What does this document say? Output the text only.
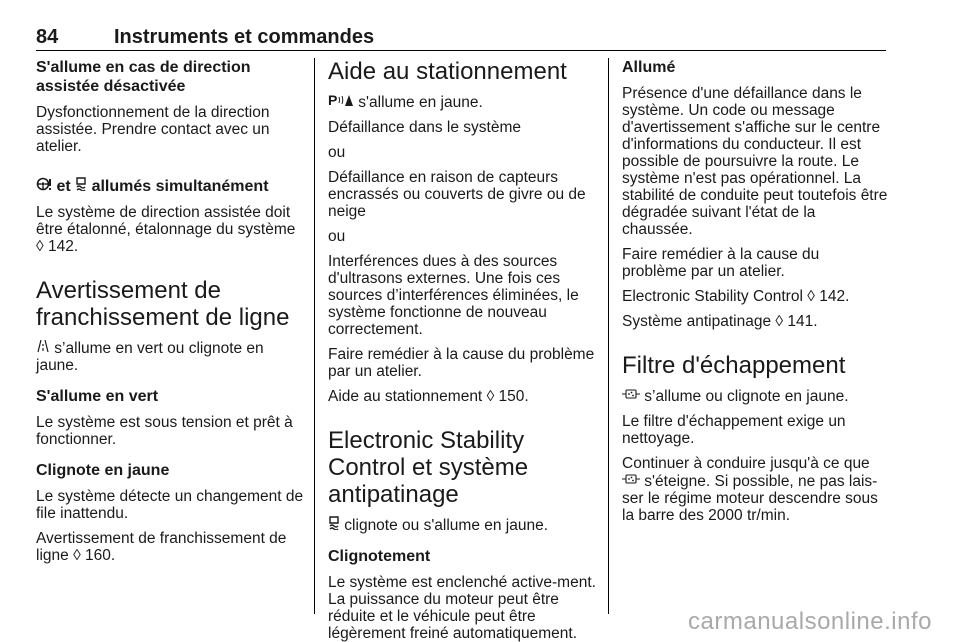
84	Instruments et commandes
S'allume en cas de direction assistée désactivée

Dysfonctionnement de la direction assistée. Prendre contact avec un atelier.

et  allumés simultanément

Le système de direction assistée doit être étalonné, étalonnage du système ◊ 142.

Avertissement de franchissement de ligne

s’allume en vert ou clignote en jaune.

S'allume en vert

Le système est sous tension et prêt à fonctionner.

Clignote en jaune

Le système détecte un changement de file inattendu.

Avertissement de franchissement de ligne ◊ 160.

Aide au stationnement

P s'allume en jaune.

Défaillance dans le système

ou

Défaillance en raison de capteurs encrassés ou couverts de givre ou de neige

ou

Interférences dues à des sources d'ultrasons externes. Une fois ces sources d’interférences éliminées, le système fonctionne de nouveau correctement.

Faire remédier à la cause du problème par un atelier.

Aide au stationnement ◊ 150.

Electronic Stability Control et système antipatinage

clignote ou s'allume en jaune.

Clignotement

Le système est enclenché active-ment. La puissance du moteur peut être réduite et le véhicule peut être légèrement freiné automatiquement.

Allumé

Présence d'une défaillance dans le système. Un code ou message d'avertissement s'affiche sur le centre d'informations du conducteur. Il est possible de poursuivre la route. Le système n'est pas opérationnel. La stabilité de conduite peut toutefois être dégradée suivant l'état de la chaussée.

Faire remédier à la cause du problème par un atelier.

Electronic Stability Control ◊ 142.

Système antipatinage ◊ 141.

Filtre d'échappement

s’allume ou clignote en jaune.

Le filtre d'échappement exige un nettoyage.

Continuer à conduire jusqu'à ce que  s'éteigne. Si possible, ne pas lais-ser le régime moteur descendre sous la barre des 2000 tr/min.

carmanualsonline.info
